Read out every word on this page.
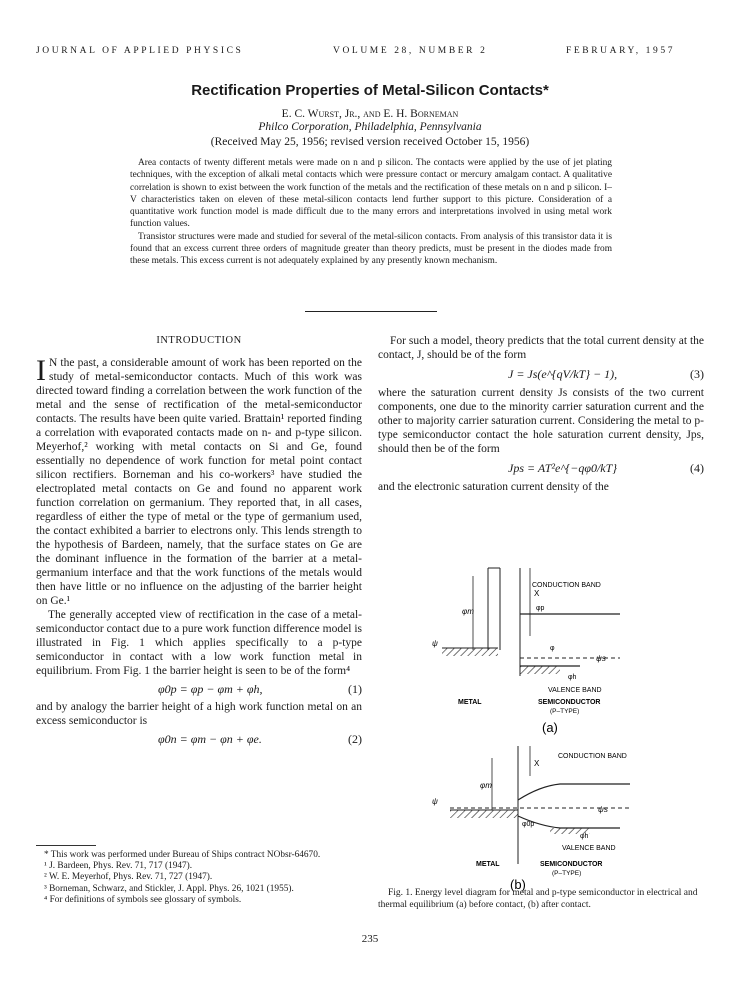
JOURNAL OF APPLIED PHYSICS	VOLUME 28, NUMBER 2	FEBRUARY, 1957
Rectification Properties of Metal-Silicon Contacts*
E. C. Wurst, Jr., and E. H. Borneman
Philco Corporation, Philadelphia, Pennsylvania
(Received May 25, 1956; revised version received October 15, 1956)

Area contacts of twenty different metals were made on n and p silicon. The contacts were applied by the use of jet plating techniques, with the exception of alkali metal contacts which were pressure contact or mercury amalgam contact. A qualitative correlation is shown to exist between the work function of the metals and the rectification of these metals on n and p silicon. I–V characteristics taken on eleven of these metal-silicon contacts lend further support to this picture. Consideration of a quantitative work function model is made difficult due to the many errors and interpretations involved in using metal work function values.

Transistor structures were made and studied for several of the metal-silicon contacts. From analysis of this transistor data it is found that an excess current three orders of magnitude greater than theory predicts, must be present in the diodes made from these metals. This excess current is not adequately explained by any presently known mechanism.

INTRODUCTION

I N the past, a considerable amount of work has been reported on the study of metal-semiconductor contacts. Much of this work was directed toward finding a correlation between the work function of the metal and the sense of rectification of the metal-semiconductor contacts. The results have been quite varied. Brattain¹ reported finding a correlation with evaporated contacts made on n- and p-type silicon. Meyerhof,² working with metal contacts on Si and Ge, found essentially no dependence of work function for metal point contact silicon rectifiers. Borneman and his co-workers³ have studied the electroplated metal contacts on Ge and found no apparent work function correlation on germanium. They reported that, in all cases, regardless of either the type of metal or the type of germanium used, the contact exhibited a barrier to electrons only. This lends strength to the hypothesis of Bardeen, namely, that the surface states on Ge are the dominant influence in the formation of the barrier at a metal-germanium interface and that the work functions of the metals would then have little or no influence on the adjusting of the barrier height on Ge.¹

The generally accepted view of rectification in the case of a metal-semiconductor contact due to a pure work function difference model is illustrated in Fig. 1 which applies specifically to a p-type semiconductor in contact with a low work function metal in equilibrium. From Fig. 1 the barrier height is seen to be of the form⁴

φ0p = φp − φm + φh,	(1)

and by analogy the barrier height of a high work function metal on an excess semiconductor is

φ0n = φm − φn + φe.	(2)

* This work was performed under Bureau of Ships contract NObsr-64670.

¹ J. Bardeen, Phys. Rev. 71, 717 (1947).

² W. E. Meyerhof, Phys. Rev. 71, 727 (1947).

³ Borneman, Schwarz, and Stickler, J. Appl. Phys. 26, 1021 (1955).

⁴ For definitions of symbols see glossary of symbols.

For such a model, theory predicts that the total current density at the contact, J, should be of the form

J = Js(e^{qV/kT} − 1),	(3)

where the saturation current density Js consists of the two current components, one due to the minority carrier saturation current and the other to majority carrier saturation current. Considering the metal to p-type semiconductor contact the hole saturation current density, Jps, should then be of the form

Jps = AT²e^{−qφ0/kT}	(4)

and the electronic saturation current density of the

φm
ψ
X
φp
ψs
φ
φh
CONDUCTION BAND
VALENCE BAND
METAL	SEMICONDUCTOR
(P–TYPE)
(a)
φm
X
CONDUCTION BAND
ψs
ψ
φ0p
φh
VALENCE BAND
METAL	SEMICONDUCTOR
(P–TYPE)
(b)
Fig. 1. Energy level diagram for metal and p-type semiconductor in electrical and thermal equilibrium (a) before contact, (b) after contact.
235
